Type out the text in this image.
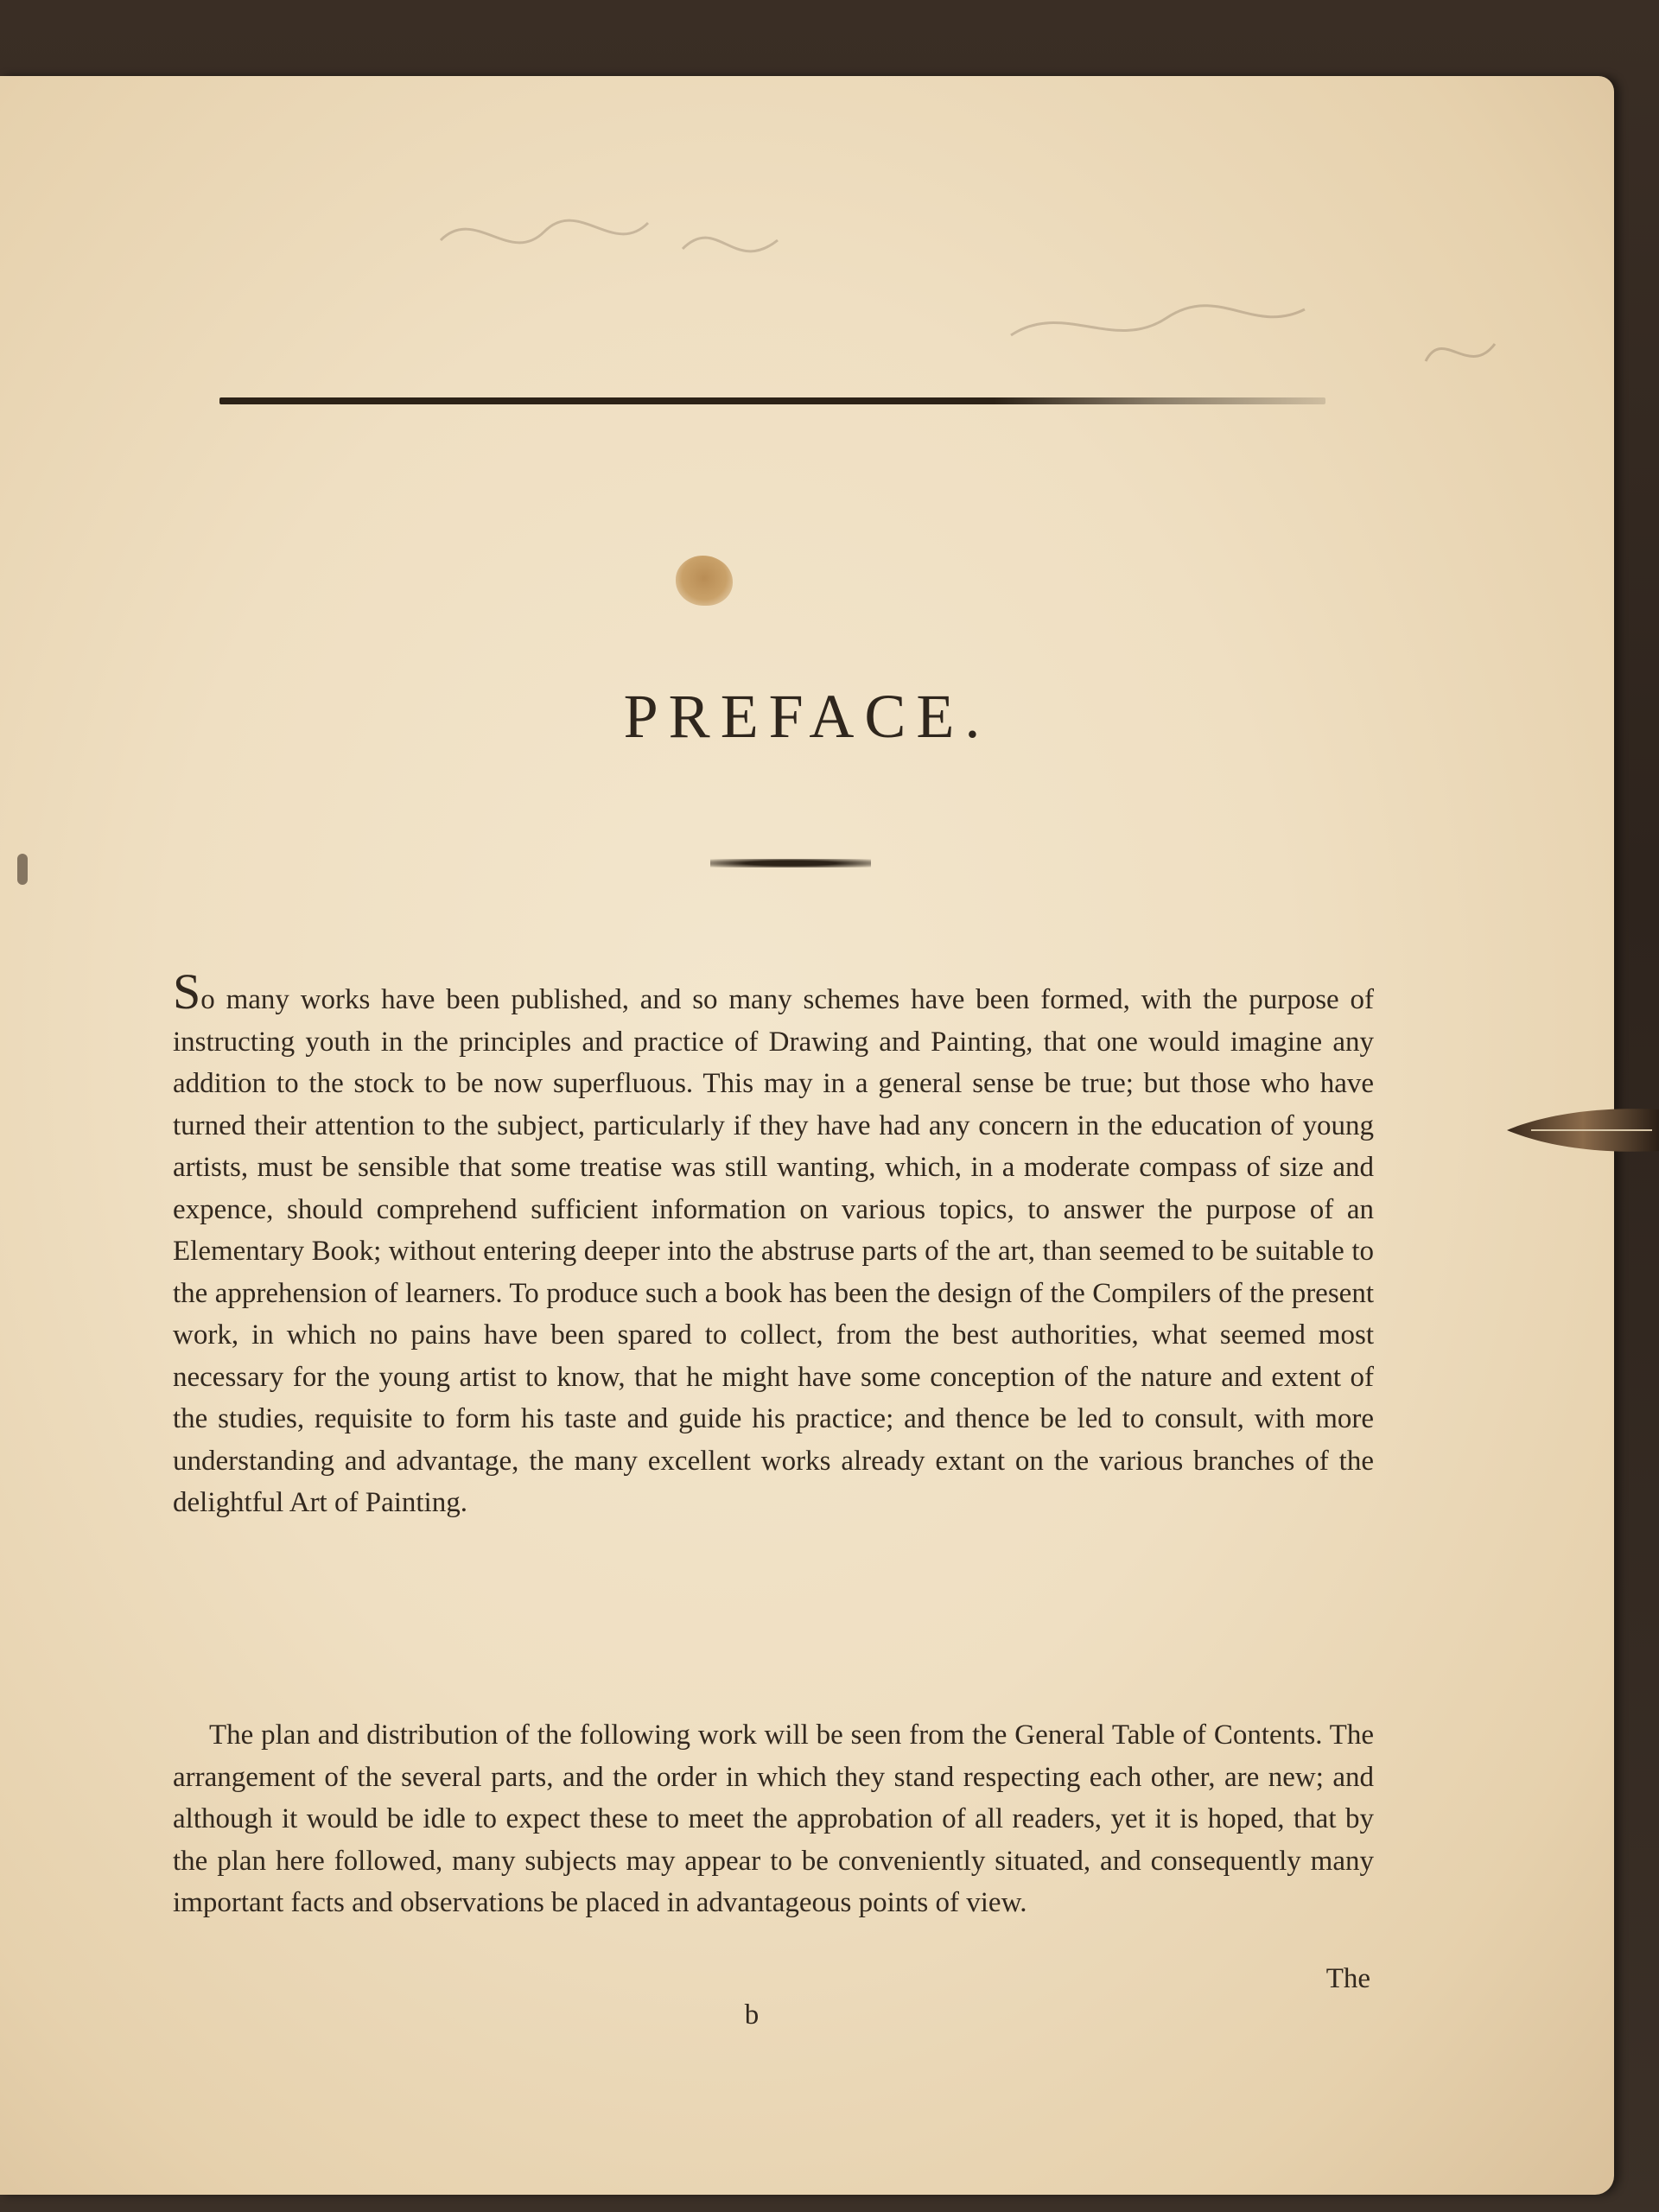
PREFACE.
So many works have been published, and so many schemes have been formed, with the purpose of instructing youth in the principles and practice of Drawing and Painting, that one would imagine any addition to the stock to be now superfluous. This may in a general sense be true; but those who have turned their attention to the subject, particularly if they have had any concern in the education of young artists, must be sensible that some treatise was still wanting, which, in a moderate compass of size and expence, should comprehend sufficient information on various topics, to answer the purpose of an Elementary Book; without entering deeper into the abstruse parts of the art, than seemed to be suitable to the apprehension of learners. To produce such a book has been the design of the Compilers of the present work, in which no pains have been spared to collect, from the best authorities, what seemed most necessary for the young artist to know, that he might have some conception of the nature and extent of the studies, requisite to form his taste and guide his practice; and thence be led to consult, with more understanding and advantage, the many excellent works already extant on the various branches of the delightful Art of Painting.
The plan and distribution of the following work will be seen from the General Table of Contents. The arrangement of the several parts, and the order in which they stand respecting each other, are new; and although it would be idle to expect these to meet the approbation of all readers, yet it is hoped, that by the plan here followed, many subjects may appear to be conveniently situated, and consequently many important facts and observations be placed in advantageous points of view.
The
b
